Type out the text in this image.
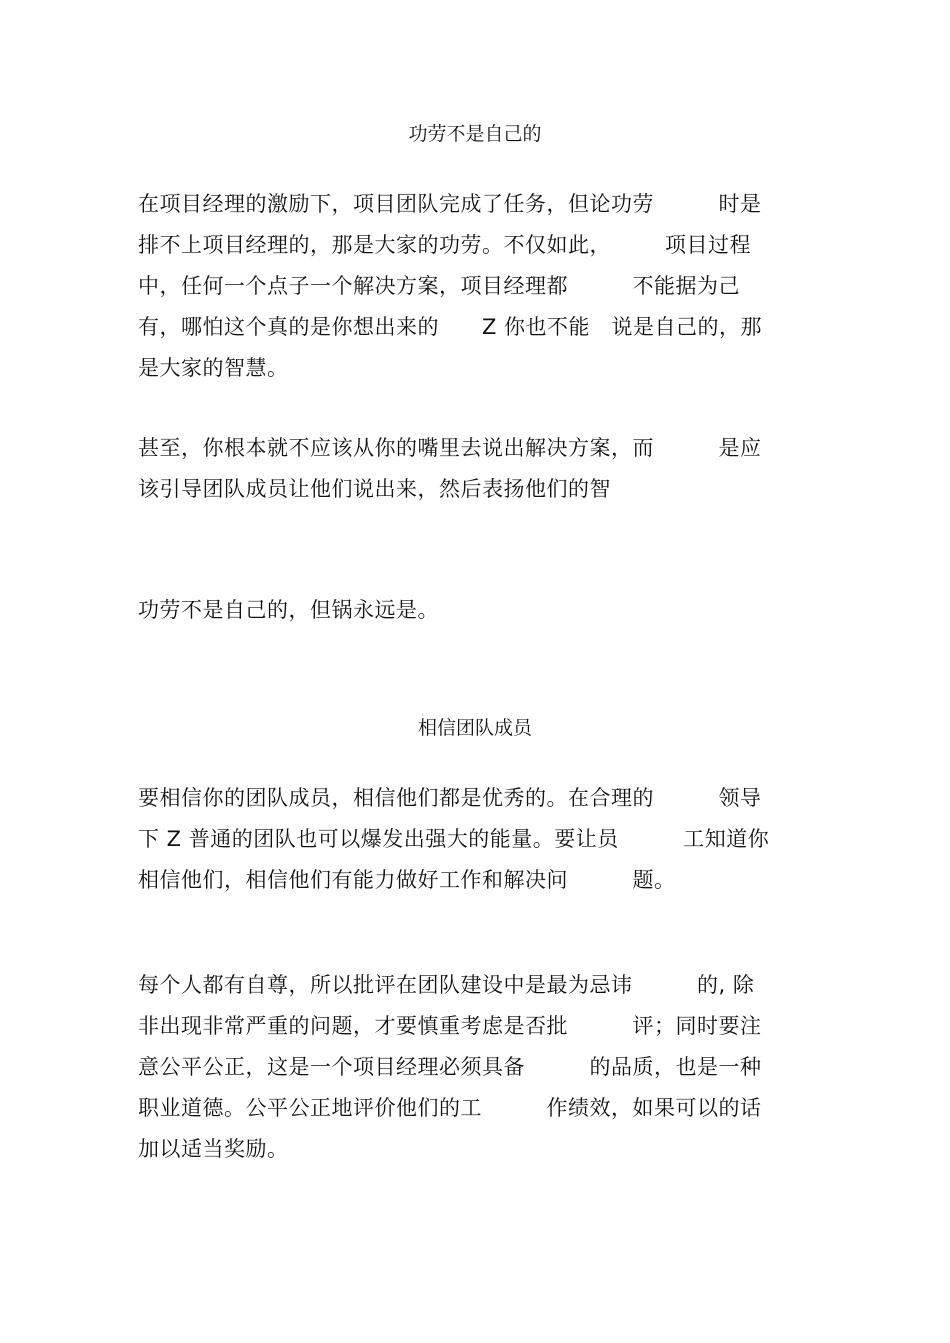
功劳不是自己的
在项目经理的激励下，项目团队完成了任务，但论功劳　　　时是
排不上项目经理的，那是大家的功劳。不仅如此，　　　项目过程
中，任何一个点子一个解决方案，项目经理都　　　不能据为己
有，哪怕这个真的是你想出来的　　Z 你也不能　说是自己的，那
是大家的智慧。
甚至，你根本就不应该从你的嘴里去说出解决方案，而　　　是应
该引导团队成员让他们说出来，然后表扬他们的智
功劳不是自己的，但锅永远是。
相信团队成员
要相信你的团队成员，相信他们都是优秀的。在合理的　　　领导
下 Z 普通的团队也可以爆发出强大的能量。要让员　　　工知道你
相信他们，相信他们有能力做好工作和解决问　　　题。
每个人都有自尊，所以批评在团队建设中是最为忌讳　　　的, 除
非出现非常严重的问题，才要慎重考虑是否批　　　评；同时要注
意公平公正，这是一个项目经理必须具备　　　的品质，也是一种
职业道德。公平公正地评价他们的工　　　作绩效，如果可以的话
加以适当奖励。
